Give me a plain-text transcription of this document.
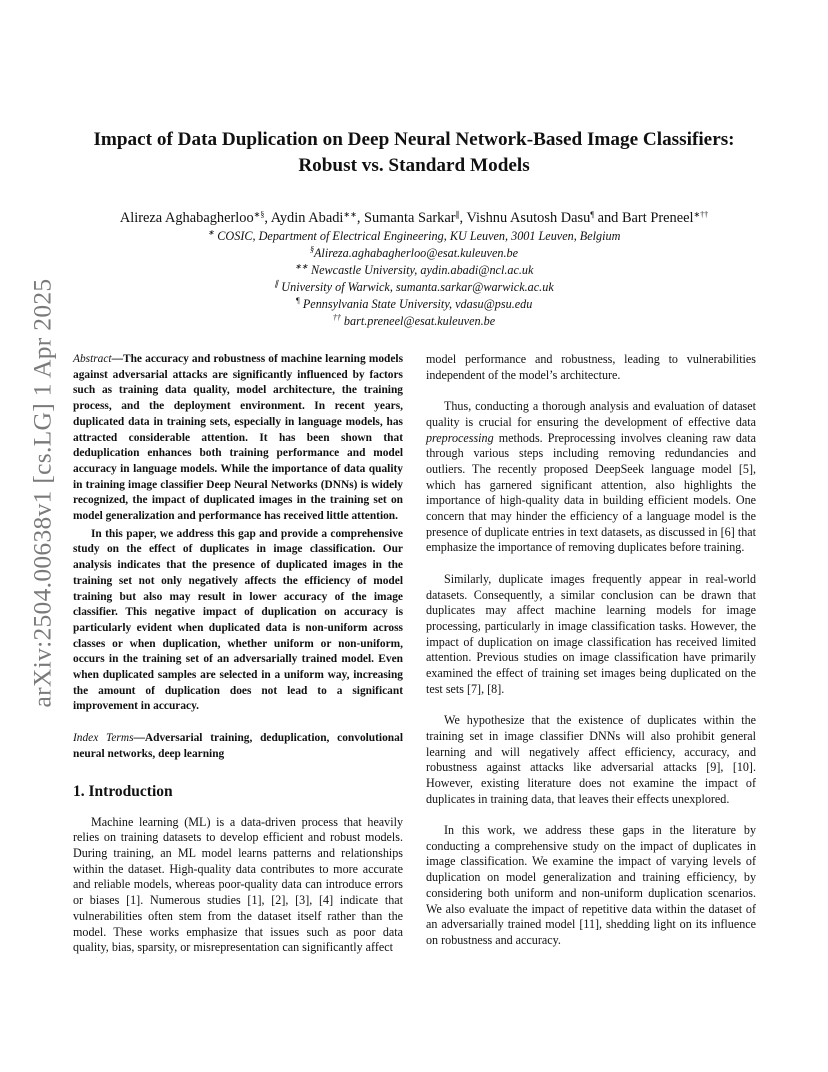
arXiv:2504.00638v1 [cs.LG] 1 Apr 2025
Impact of Data Duplication on Deep Neural Network-Based Image Classifiers:
Robust vs. Standard Models
Alireza Aghabagherloo∗§, Aydin Abadi∗∗, Sumanta Sarkar∥, Vishnu Asutosh Dasu¶ and Bart Preneel∗††
∗ COSIC, Department of Electrical Engineering, KU Leuven, 3001 Leuven, Belgium
§Alireza.aghabagherloo@esat.kuleuven.be
∗∗ Newcastle University, aydin.abadi@ncl.ac.uk
∥ University of Warwick, sumanta.sarkar@warwick.ac.uk
¶ Pennsylvania State University, vdasu@psu.edu
†† bart.preneel@esat.kuleuven.be

Abstract—The accuracy and robustness of machine learning models against adversarial attacks are significantly influenced by factors such as training data quality, model architecture, the training process, and the deployment environment. In recent years, duplicated data in training sets, especially in language models, has attracted considerable attention. It has been shown that deduplication enhances both training performance and model accuracy in language models. While the importance of data quality in training image classifier Deep Neural Networks (DNNs) is widely recognized, the impact of duplicated images in the training set on model generalization and performance has received little attention.

In this paper, we address this gap and provide a comprehensive study on the effect of duplicates in image classification. Our analysis indicates that the presence of duplicated images in the training set not only negatively affects the efficiency of model training but also may result in lower accuracy of the image classifier. This negative impact of duplication on accuracy is particularly evident when duplicated data is non-uniform across classes or when duplication, whether uniform or non-uniform, occurs in the training set of an adversarially trained model. Even when duplicated samples are selected in a uniform way, increasing the amount of duplication does not lead to a significant improvement in accuracy.

Index Terms—Adversarial training, deduplication, convolutional neural networks, deep learning

1. Introduction

Machine learning (ML) is a data-driven process that heavily relies on training datasets to develop efficient and robust models. During training, an ML model learns patterns and relationships within the dataset. High-quality data contributes to more accurate and reliable models, whereas poor-quality data can introduce errors or biases [1]. Numerous studies [1], [2], [3], [4] indicate that vulnerabilities often stem from the dataset itself rather than the model. These works emphasize that issues such as poor data quality, bias, sparsity, or misrepresentation can significantly affect

model performance and robustness, leading to vulnerabilities independent of the model’s architecture.

Thus, conducting a thorough analysis and evaluation of dataset quality is crucial for ensuring the development of effective data preprocessing methods. Preprocessing involves cleaning raw data through various steps including removing redundancies and outliers. The recently proposed DeepSeek language model [5], which has garnered significant attention, also highlights the importance of high-quality data in building efficient models. One concern that may hinder the efficiency of a language model is the presence of duplicate entries in text datasets, as discussed in [6] that emphasize the importance of removing duplicates before training.

Similarly, duplicate images frequently appear in real-world datasets. Consequently, a similar conclusion can be drawn that duplicates may affect machine learning models for image processing, particularly in image classification tasks. However, the impact of duplication on image classification has received limited attention. Previous studies on image classification have primarily examined the effect of training set images being duplicated on the test sets [7], [8].

We hypothesize that the existence of duplicates within the training set in image classifier DNNs will also prohibit general learning and will negatively affect efficiency, accuracy, and robustness against attacks like adversarial attacks [9], [10]. However, existing literature does not examine the impact of duplicates in training data, that leaves their effects unexplored.

In this work, we address these gaps in the literature by conducting a comprehensive study on the impact of duplicates in image classification. We examine the impact of varying levels of duplication on model generalization and training efficiency, by considering both uniform and non-uniform duplication scenarios. We also evaluate the impact of repetitive data within the dataset of an adversarially trained model [11], shedding light on its influence on robustness and accuracy.
